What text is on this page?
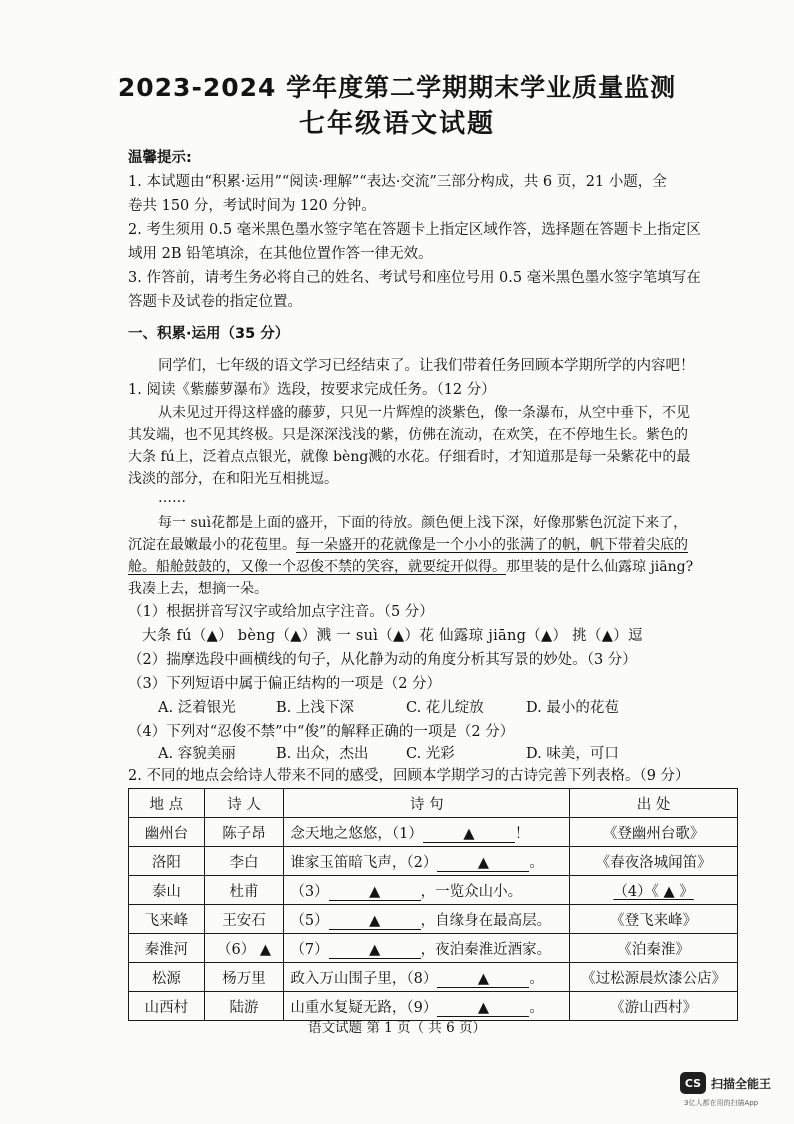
2023-2024 学年度第二学期期末学业质量监测
七年级语文试题
温馨提示:
1. 本试题由“积累·运用”“阅读·理解”“表达·交流”三部分构成，共 6 页，21 小题，全
卷共 150 分，考试时间为 120 分钟。
2. 考生须用 0.5 毫米黑色墨水签字笔在答题卡上指定区域作答，选择题在答题卡上指定区
域用 2B 铅笔填涂，在其他位置作答一律无效。
3. 作答前，请考生务必将自己的姓名、考试号和座位号用 0.5 毫米黑色墨水签字笔填写在
答题卡及试卷的指定位置。
一、积累·运用（35 分）
同学们，七年级的语文学习已经结束了。让我们带着任务回顾本学期所学的内容吧！
1. 阅读《紫藤萝瀑布》选段，按要求完成任务。（12 分）
从未见过开得这样盛的藤萝，只见一片辉煌的淡紫色，像一条瀑布，从空中垂下，不见
其发端，也不见其终极。只是深深浅浅的紫，仿佛在流动，在欢笑，在不停地生长。紫色的
大条 fú上，泛着点点银光，就像 bèng溅的水花。仔细看时，才知道那是每一朵紫花中的最
浅淡的部分，在和阳光互相挑逗。
……
每一 suì花都是上面的盛开，下面的待放。颜色便上浅下深，好像那紫色沉淀下来了，
沉淀在最嫩最小的花苞里。每一朵盛开的花就像是一个小小的张满了的帆，帆下带着尖底的
舱。船舱鼓鼓的，又像一个忍俊不禁的笑容，就要绽开似得。那里装的是什么仙露琼 jiāng?
我凑上去，想摘一朵。
（1）根据拼音写汉字或给加点字注音。（5 分）
大条 fú（▲） bèng（▲）溅 一 suì（▲）花 仙露琼 jiāng（▲） 挑（▲）逗
（2）揣摩选段中画横线的句子，从化静为动的角度分析其写景的妙处。（3 分）
（3）下列短语中属于偏正结构的一项是（2 分）
A. 泛着银光	B. 上浅下深	C. 花儿绽放	D. 最小的花苞
（4）下列对“忍俊不禁”中“俊”的解释正确的一项是（2 分）
A. 容貌美丽	B. 出众，杰出	C. 光彩	D. 味美，可口
2. 不同的地点会给诗人带来不同的感受，回顾本学期学习的古诗完善下列表格。（9 分）
地 点	诗 人	诗 句	出 处
幽州台	陈子昂	念天地之悠悠，（1） ▲ ！	《登幽州台歌》
洛阳	李白	谁家玉笛暗飞声，（2） ▲ 。	《春夜洛城闻笛》
泰山	杜甫	（3） ▲ ，一览众山小。	（4）《 ▲ 》
飞来峰	王安石	（5） ▲ ，自缘身在最高层。	《登飞来峰》
秦淮河	（6） ▲	（7） ▲ ，夜泊秦淮近酒家。	《泊秦淮》
松源	杨万里	政入万山围子里，（8） ▲ 。	《过松源晨炊漆公店》
山西村	陆游	山重水复疑无路，（9） ▲ 。	《游山西村》
语文试题 第 1 页（ 共 6 页）
CS 扫描全能王
3亿人都在用的扫描App
